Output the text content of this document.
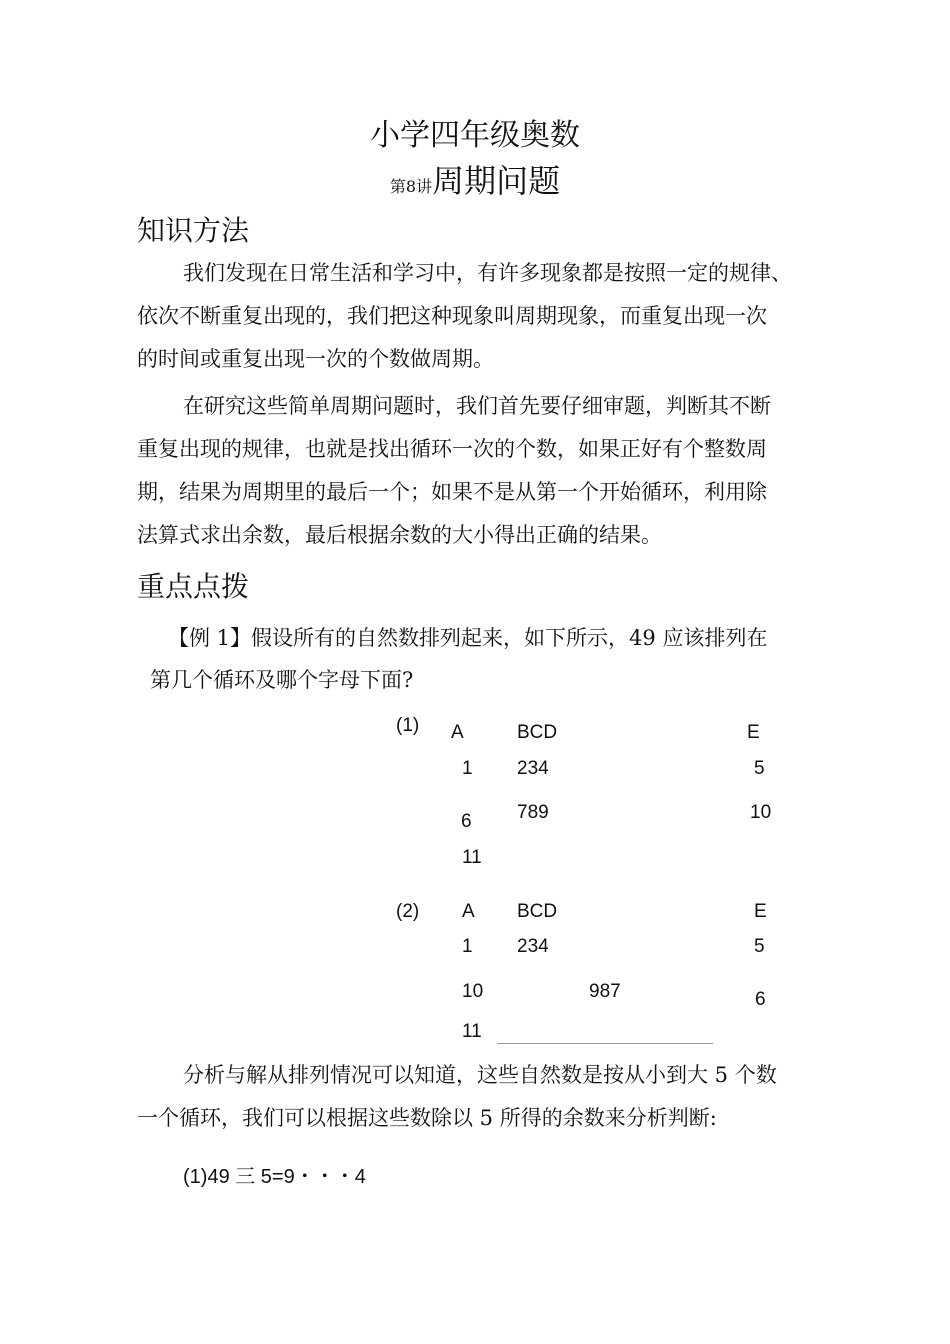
小学四年级奥数
第8讲周期问题
知识方法
我们发现在日常生活和学习中，有许多现象都是按照一定的规律、
依次不断重复出现的，我们把这种现象叫周期现象，而重复出现一次
的时间或重复出现一次的个数做周期。
在研究这些简单周期问题时，我们首先要仔细审题，判断其不断
重复出现的规律，也就是找出循环一次的个数，如果正好有个整数周
期，结果为周期里的最后一个；如果不是从第一个开始循环，利用除
法算式求出余数，最后根据余数的大小得出正确的结果。
重点点拨
【例 1】假设所有的自然数排列起来，如下所示，49 应该排列在
第几个循环及哪个字母下面?
(1) A	BCD	E
1 234	5
6 789	10
11
(2) A BCD	E
1 234	5
10	987	6
11
分析与解从排列情况可以知道，这些自然数是按从小到大 5 个数
一个循环，我们可以根据这些数除以 5 所得的余数来分析判断:
(1)49 三 5=9・・・4
